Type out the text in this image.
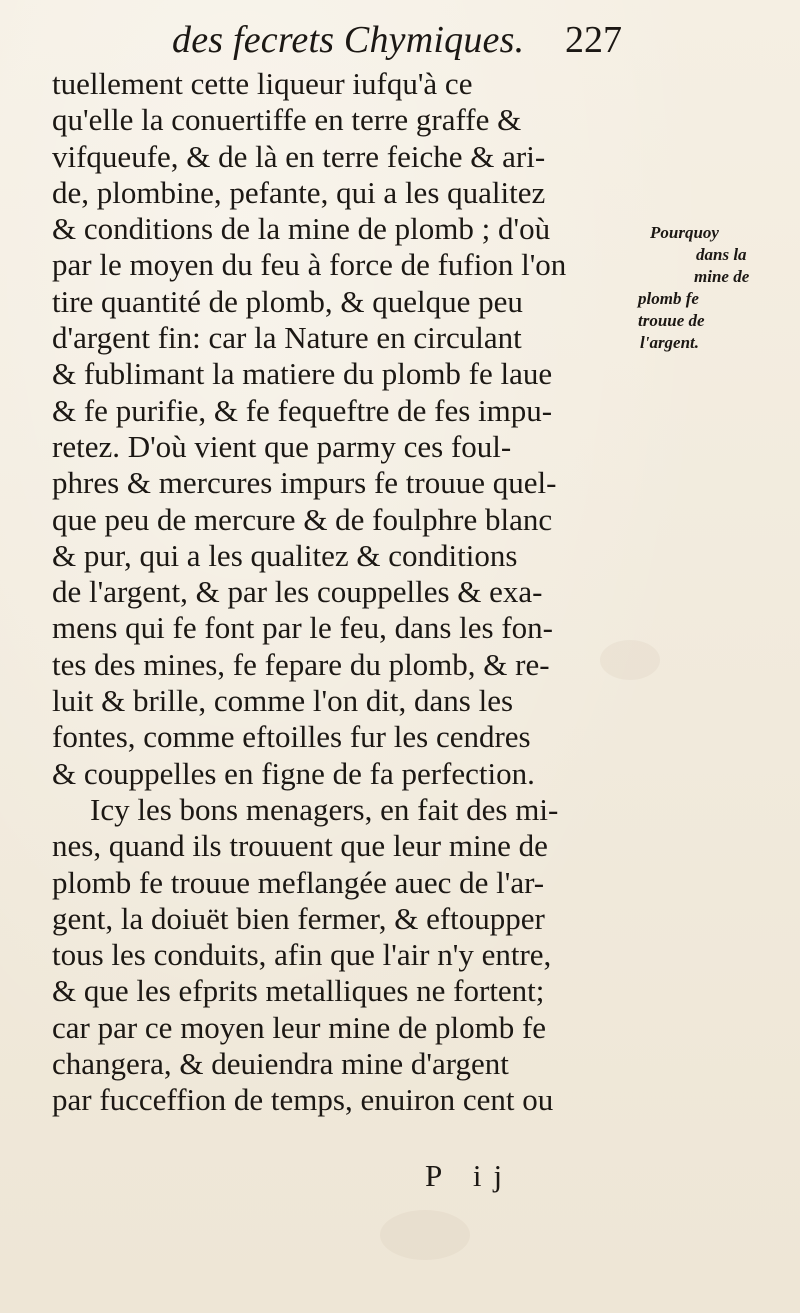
des fecrets Chymiques. 227
tuellement cette liqueur iufqu'à ce
qu'elle la conuertiffe en terre graffe &
vifqueufe, & de là en terre feiche & ari-
de, plombine, pefante, qui a les qualitez
& conditions de la mine de plomb ; d'où
par le moyen du feu à force de fufion l'on
tire quantité de plomb, & quelque peu
d'argent fin: car la Nature en circulant
& fublimant la matiere du plomb fe laue
& fe purifie, & fe fequeftre de fes impu-
retez. D'où vient que parmy ces foul-
phres & mercures impurs fe trouue quel-
que peu de mercure & de foulphre blanc
& pur, qui a les qualitez & conditions
de l'argent, & par les couppelles & exa-
mens qui fe font par le feu, dans les fon-
tes des mines, fe fepare du plomb, & re-
luit & brille, comme l'on dit, dans les
fontes, comme eftoilles fur les cendres
& couppelles en figne de fa perfection.
Icy les bons menagers, en fait des mi-
nes, quand ils trouuent que leur mine de
plomb fe trouue meflangée auec de l'ar-
gent, la doiuët bien fermer, & eftoupper
tous les conduits, afin que l'air n'y entre,
& que les efprits metalliques ne fortent;
car par ce moyen leur mine de plomb fe
changera, & deuiendra mine d'argent
par fucceffion de temps, enuiron cent ou
Pourquoy
dans la
mine de
plomb fe
trouue de
l'argent.
P ij
